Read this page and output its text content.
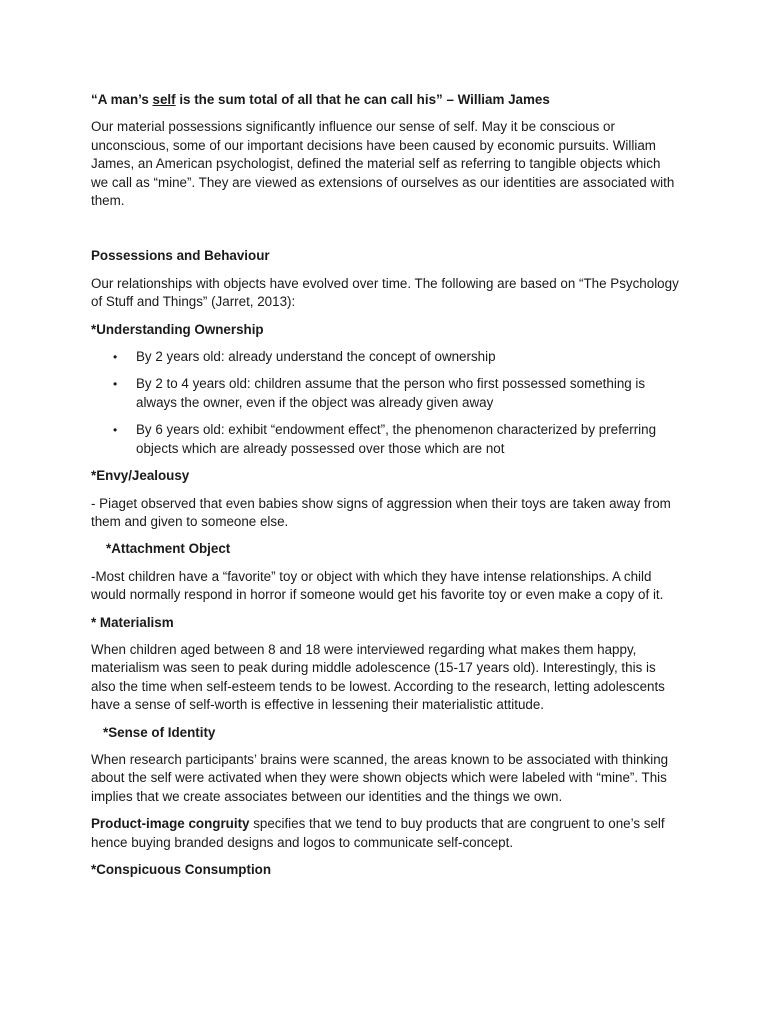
“A man’s self is the sum total of all that he can call his” – William James

Our material possessions significantly influence our sense of self. May it be conscious or unconscious, some of our important decisions have been caused by economic pursuits. William James, an American psychologist, defined the material self as referring to tangible objects which we call as “mine”. They are viewed as extensions of ourselves as our identities are associated with them.

Possessions and Behaviour

Our relationships with objects have evolved over time. The following are based on “The Psychology of Stuff and Things” (Jarret, 2013):

*Understanding Ownership

• By 2 years old: already understand the concept of ownership
• By 2 to 4 years old: children assume that the person who first possessed something is always the owner, even if the object was already given away
• By 6 years old: exhibit “endowment effect”, the phenomenon characterized by preferring objects which are already possessed over those which are not

*Envy/Jealousy

- Piaget observed that even babies show signs of aggression when their toys are taken away from them and given to someone else.

*Attachment Object

-Most children have a “favorite” toy or object with which they have intense relationships. A child would normally respond in horror if someone would get his favorite toy or even make a copy of it.

* Materialism

When children aged between 8 and 18 were interviewed regarding what makes them happy, materialism was seen to peak during middle adolescence (15-17 years old). Interestingly, this is also the time when self-esteem tends to be lowest. According to the research, letting adolescents have a sense of self-worth is effective in lessening their materialistic attitude.

*Sense of Identity

When research participants’ brains were scanned, the areas known to be associated with thinking about the self were activated when they were shown objects which were labeled with “mine”. This implies that we create associates between our identities and the things we own.

Product-image congruity specifies that we tend to buy products that are congruent to one’s self hence buying branded designs and logos to communicate self-concept.

*Conspicuous Consumption
